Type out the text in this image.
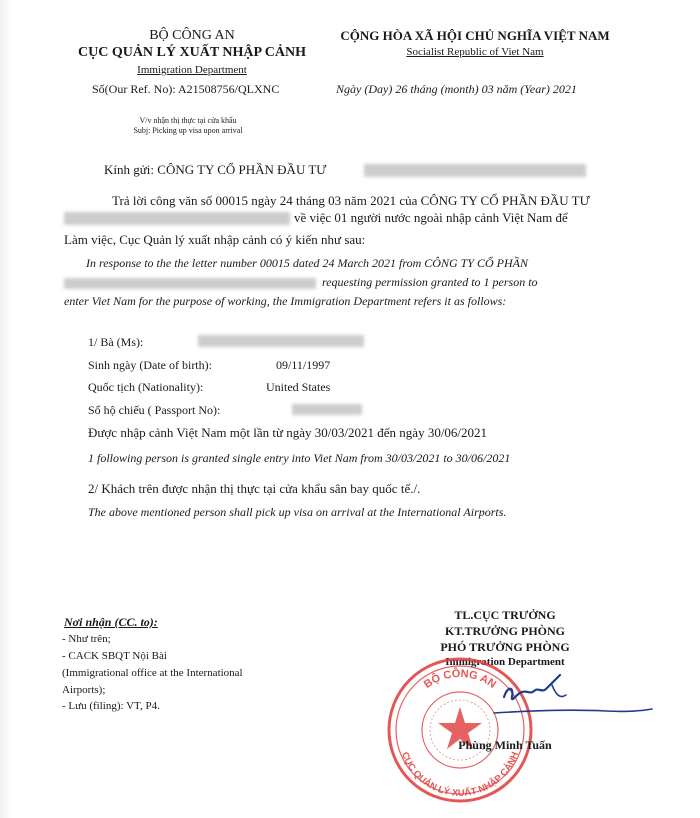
BỘ CÔNG AN
CỤC QUẢN LÝ XUẤT NHẬP CẢNH
Immigration Department
Số(Our Ref. No): A21508756/QLXNC
V/v nhận thị thực tại cửa khẩu
Subj: Picking up visa upon arrival
CỘNG HÒA XÃ HỘI CHỦ NGHĨA VIỆT NAM
Socialist Republic of Viet Nam
Ngày (Day) 26 tháng (month) 03 năm (Year) 2021
Kính gửi: CÔNG TY CỔ PHẦN ĐẦU TƯ
Trả lời công văn số 00015 ngày 24 tháng 03 năm 2021 của CÔNG TY CỔ PHẦN ĐẦU TƯ
về việc 01 người nước ngoài nhập cảnh Việt Nam để
Làm việc, Cục Quản lý xuất nhập cảnh có ý kiến như sau:
In response to the the letter number 00015 dated 24 March 2021 from CÔNG TY CỔ PHẦN
requesting permission granted to 1 person to
enter Viet Nam for the purpose of working, the Immigration Department refers it as follows:
1/ Bà (Ms):
Sinh ngày (Date of birth):	09/11/1997
Quốc tịch (Nationality):	United States
Số hộ chiếu ( Passport No):
Được nhập cảnh Việt Nam một lần từ ngày 30/03/2021 đến ngày 30/06/2021
1 following person is granted single entry into Viet Nam from 30/03/2021 to 30/06/2021
2/ Khách trên được nhận thị thực tại cửa khẩu sân bay quốc tế./.
The above mentioned person shall pick up visa on arrival at the International Airports.
Nơi nhận (CC. to):
- Như trên;
- CACK SBQT Nội Bài
(Immigrational office at the International
Airports);
- Lưu (filing): VT, P4.
TL.CỤC TRƯỞNG
KT.TRƯỞNG PHÒNG
PHÓ TRƯỞNG PHÒNG
Immigration Department
BỘ CÔNG AN
CỤC QUẢN LÝ XUẤT NHẬP CẢNH
Phùng Minh Tuấn
